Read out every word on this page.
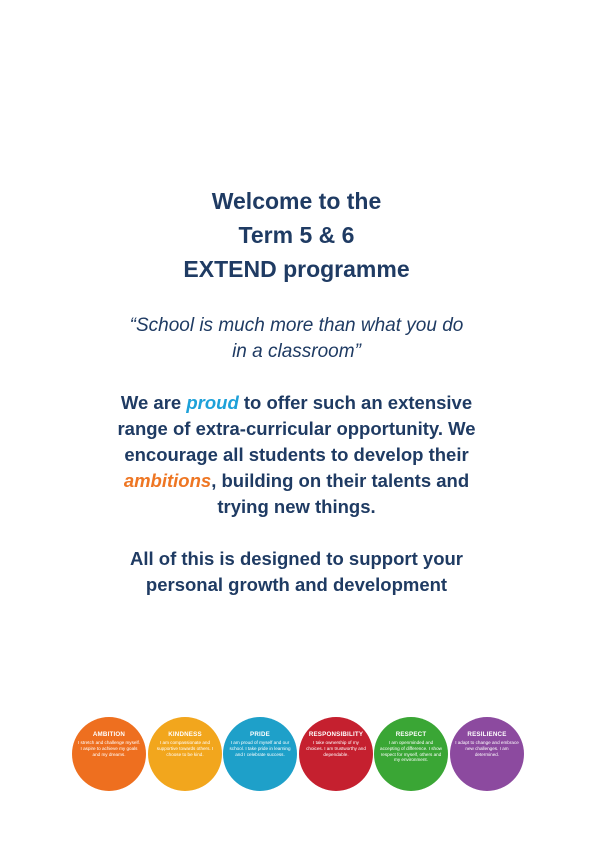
Welcome to the
Term 5 & 6
EXTEND programme
“School is much more than what you do
in a classroom”
We are proud to offer such an extensive
range of extra-curricular opportunity. We
encourage all students to develop their
ambitions, building on their talents and
trying new things.
All of this is designed to support your
personal growth and development
AMBITION
I stretch and challenge myself. I aspire to achieve my goals and my dreams.
KINDNESS
I am compassionate and supportive towards others. I choose to be kind.
PRIDE
I am proud of myself and our school. I take pride in learning and I celebrate success.
RESPONSIBILITY
I take ownership of my choices. I am trustworthy and dependable.
RESPECT
I am openminded and accepting of difference. I show respect for myself, others and my environment.
RESILIENCE
I adapt to change and embrace new challenges. I am determined.
